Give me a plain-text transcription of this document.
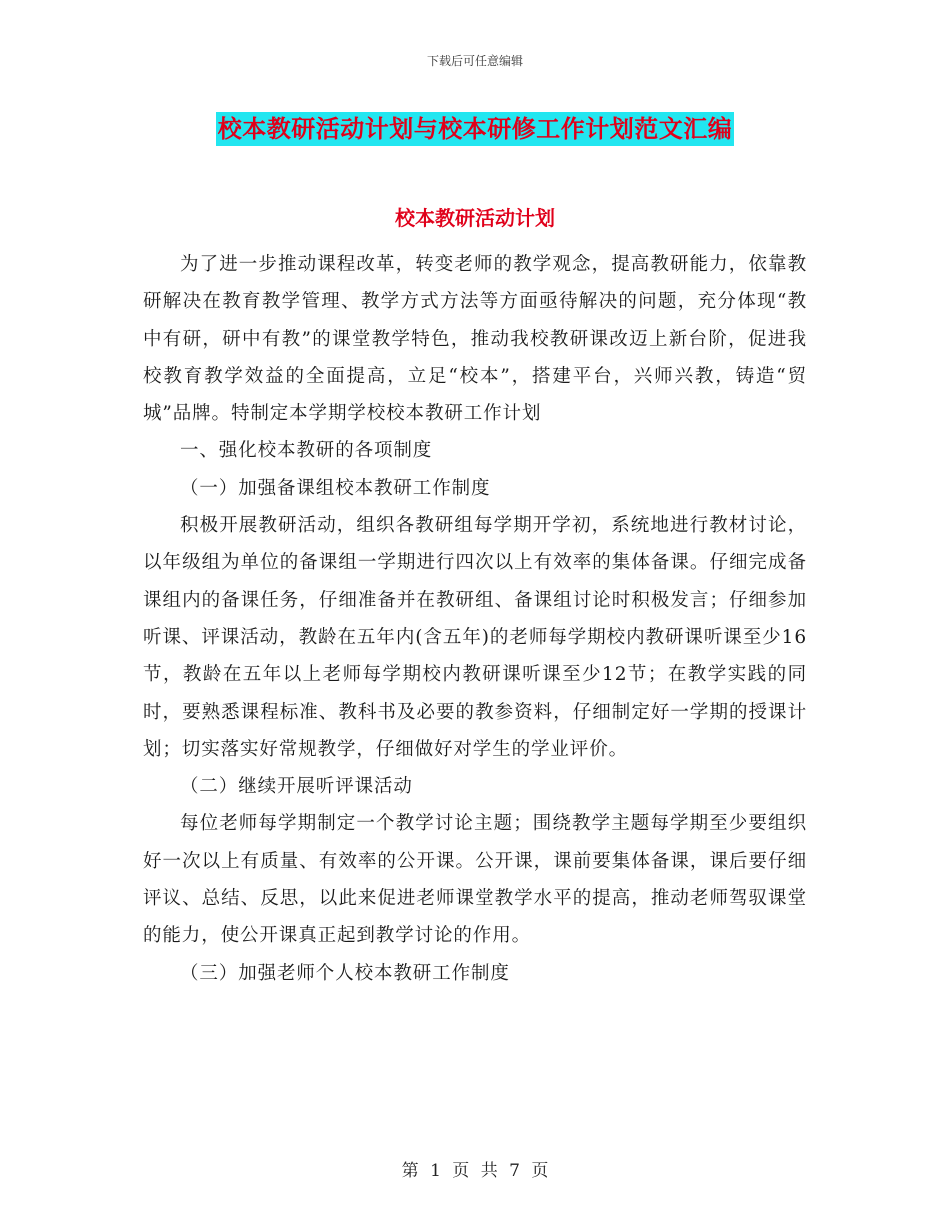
下载后可任意编辑
校本教研活动计划与校本研修工作计划范文汇编
校本教研活动计划

为了进一步推动课程改革，转变老师的教学观念，提高教研能力，依靠教研解决在教育教学管理、教学方式方法等方面亟待解决的问题，充分体现“教中有研，研中有教”的课堂教学特色，推动我校教研课改迈上新台阶，促进我校教育教学效益的全面提高，立足“校本”，搭建平台，兴师兴教，铸造“贸城”品牌。特制定本学期学校校本教研工作计划

一、强化校本教研的各项制度

（一）加强备课组校本教研工作制度

积极开展教研活动，组织各教研组每学期开学初，系统地进行教材讨论，以年级组为单位的备课组一学期进行四次以上有效率的集体备课。仔细完成备课组内的备课任务，仔细准备并在教研组、备课组讨论时积极发言；仔细参加听课、评课活动，教龄在五年内(含五年)的老师每学期校内教研课听课至少16节，教龄在五年以上老师每学期校内教研课听课至少12节；在教学实践的同时，要熟悉课程标准、教科书及必要的教参资料，仔细制定好一学期的授课计划；切实落实好常规教学，仔细做好对学生的学业评价。

（二）继续开展听评课活动

每位老师每学期制定一个教学讨论主题；围绕教学主题每学期至少要组织好一次以上有质量、有效率的公开课。公开课，课前要集体备课，课后要仔细评议、总结、反思，以此来促进老师课堂教学水平的提高，推动老师驾驭课堂的能力，使公开课真正起到教学讨论的作用。

（三）加强老师个人校本教研工作制度

第 1 页 共 7 页
